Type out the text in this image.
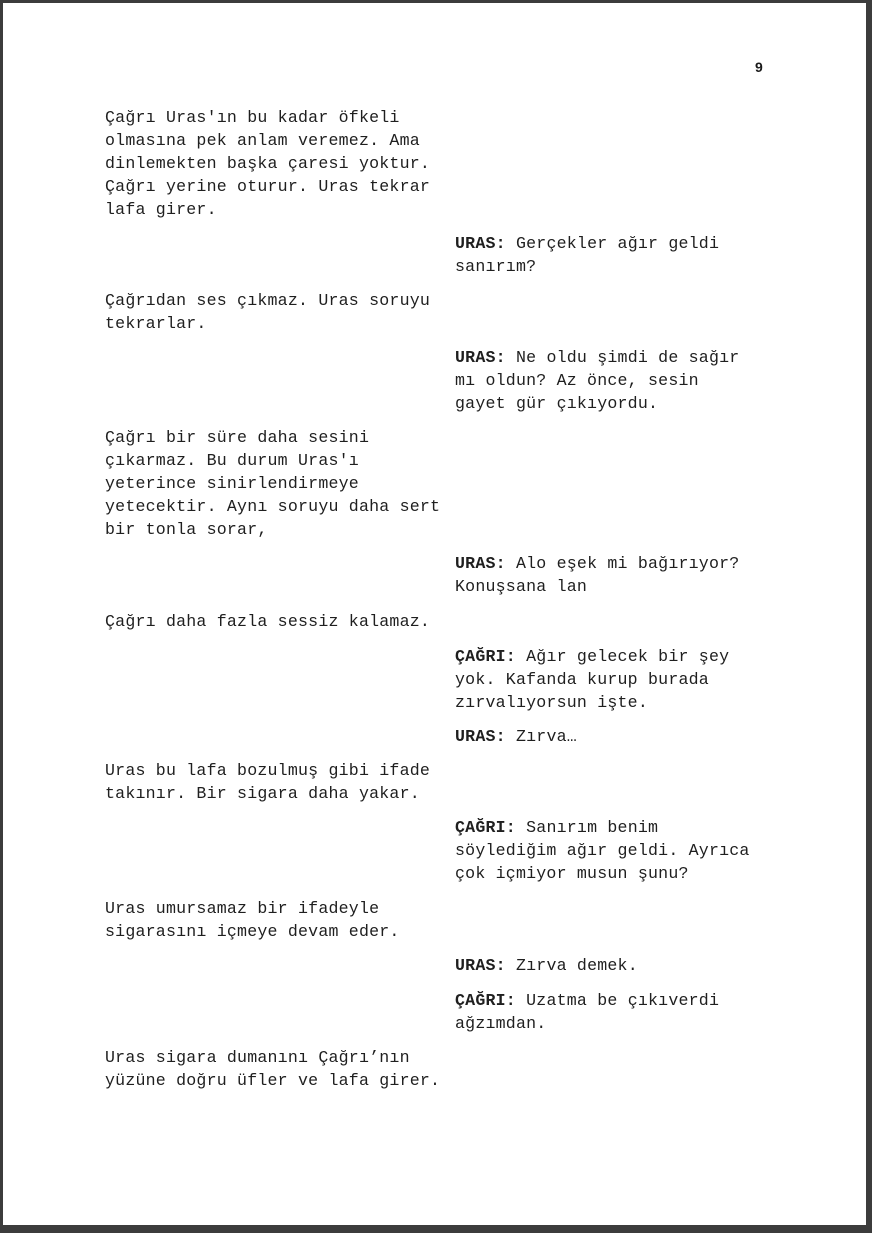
9

Çağrı Uras'ın bu kadar öfkeli
olmasına pek anlam veremez. Ama
dinlemekten başka çaresi yoktur.
Çağrı yerine oturur. Uras tekrar
lafa girer.

URAS: Gerçekler ağır geldi
sanırım?

Çağrıdan ses çıkmaz. Uras soruyu
tekrarlar.

URAS: Ne oldu şimdi de sağır
mı oldun? Az önce, sesin
gayet gür çıkıyordu.

Çağrı bir süre daha sesini
çıkarmaz. Bu durum Uras'ı
yeterince sinirlendirmeye
yetecektir. Aynı soruyu daha sert
bir tonla sorar,

URAS: Alo eşek mi bağırıyor?
Konuşsana lan

Çağrı daha fazla sessiz kalamaz.

ÇAĞRI: Ağır gelecek bir şey
yok. Kafanda kurup burada
zırvalıyorsun işte.

URAS: Zırva…

Uras bu lafa bozulmuş gibi ifade
takınır. Bir sigara daha yakar.

ÇAĞRI: Sanırım benim
söylediğim ağır geldi. Ayrıca
çok içmiyor musun şunu?

Uras umursamaz bir ifadeyle
sigarasını içmeye devam eder.

URAS: Zırva demek.

ÇAĞRI: Uzatma be çıkıverdi
ağzımdan.

Uras sigara dumanını Çağrı’nın
yüzüne doğru üfler ve lafa girer.
